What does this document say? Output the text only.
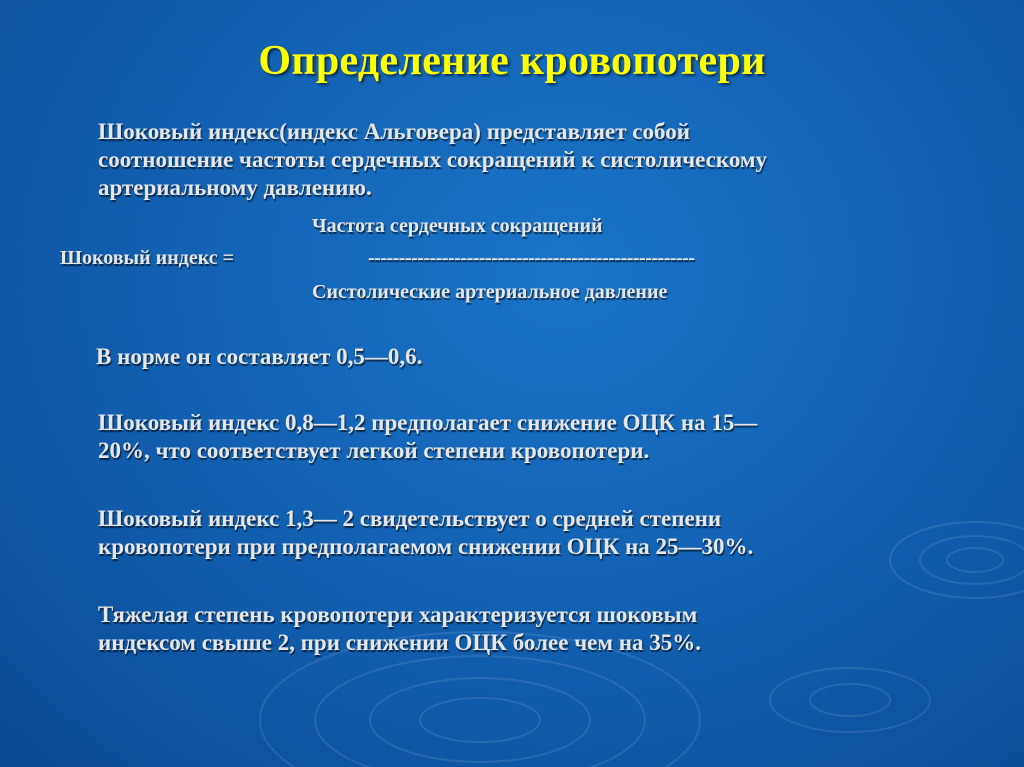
Определение кровопотери
Шоковый индекс(индекс Альговера) представляет собой
соотношение частоты сердечных сокращений к систолическому
артериальному давлению.
Частота сердечных сокращений
Шоковый индекс =	-----------------------------------------------------
Систолические артериальное давление
В норме он составляет 0,5—0,6.
Шоковый индекс 0,8—1,2 предполагает снижение ОЦК на 15—
20%, что соответствует легкой степени кровопотери.
Шоковый индекс 1,3— 2 свидетельствует о средней степени
кровопотери при предполагаемом снижении ОЦК на 25—30%.
Тяжелая степень кровопотери характеризуется шоковым
индексом свыше 2, при снижении ОЦК более чем на 35%.
